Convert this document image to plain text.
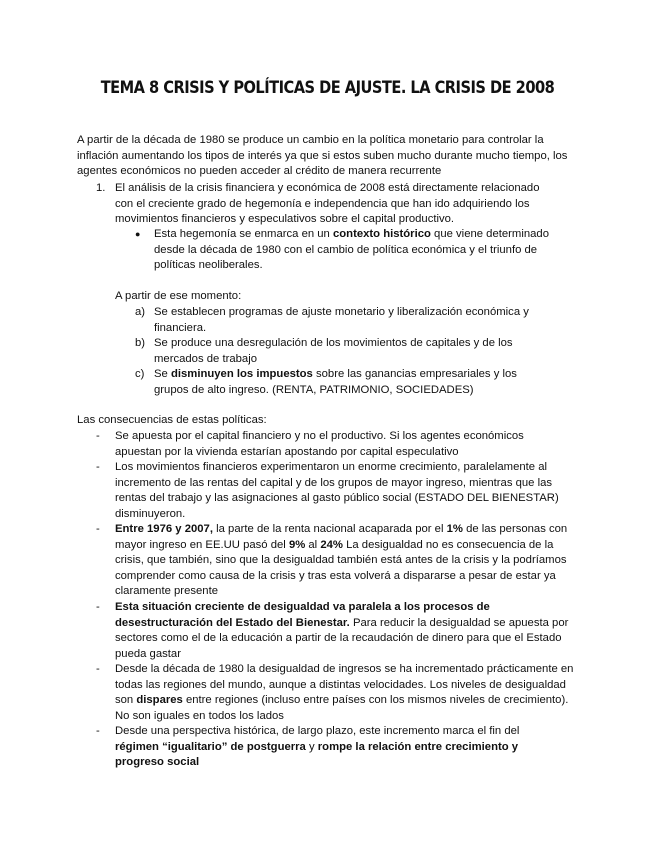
TEMA 8 CRISIS Y POLÍTICAS DE AJUSTE. LA CRISIS DE 2008

A partir de la década de 1980 se produce un cambio en la política monetario para controlar la inflación aumentando los tipos de interés ya que si estos suben mucho durante mucho tiempo, los agentes económicos no pueden acceder al crédito de manera recurrente

1. El análisis de la crisis financiera y económica de 2008 está directamente relacionado con el creciente grado de hegemonía e independencia que han ido adquiriendo los movimientos financieros y especulativos sobre el capital productivo.

● Esta hegemonía se enmarca en un contexto histórico que viene determinado desde la década de 1980 con el cambio de política económica y el triunfo de políticas neoliberales.

A partir de ese momento:

a) Se establecen programas de ajuste monetario y liberalización económica y financiera.

b) Se produce una desregulación de los movimientos de capitales y de los mercados de trabajo

c) Se disminuyen los impuestos sobre las ganancias empresariales y los grupos de alto ingreso. (RENTA, PATRIMONIO, SOCIEDADES)

Las consecuencias de estas políticas:

- Se apuesta por el capital financiero y no el productivo. Si los agentes económicos apuestan por la vivienda estarían apostando por capital especulativo

- Los movimientos financieros experimentaron un enorme crecimiento, paralelamente al incremento de las rentas del capital y de los grupos de mayor ingreso, mientras que las rentas del trabajo y las asignaciones al gasto público social (ESTADO DEL BIENESTAR) disminuyeron.

- Entre 1976 y 2007, la parte de la renta nacional acaparada por el 1% de las personas con mayor ingreso en EE.UU pasó del 9% al 24% La desigualdad no es consecuencia de la crisis, que también, sino que la desigualdad también está antes de la crisis y la podríamos comprender como causa de la crisis y tras esta volverá a dispararse a pesar de estar ya claramente presente

- Esta situación creciente de desigualdad va paralela a los procesos de desestructuración del Estado del Bienestar. Para reducir la desigualdad se apuesta por sectores como el de la educación a partir de la recaudación de dinero para que el Estado pueda gastar

- Desde la década de 1980 la desigualdad de ingresos se ha incrementado prácticamente en todas las regiones del mundo, aunque a distintas velocidades. Los niveles de desigualdad son dispares entre regiones (incluso entre países con los mismos niveles de crecimiento). No son iguales en todos los lados

- Desde una perspectiva histórica, de largo plazo, este incremento marca el fin del régimen “igualitario” de postguerra y rompe la relación entre crecimiento y progreso social
